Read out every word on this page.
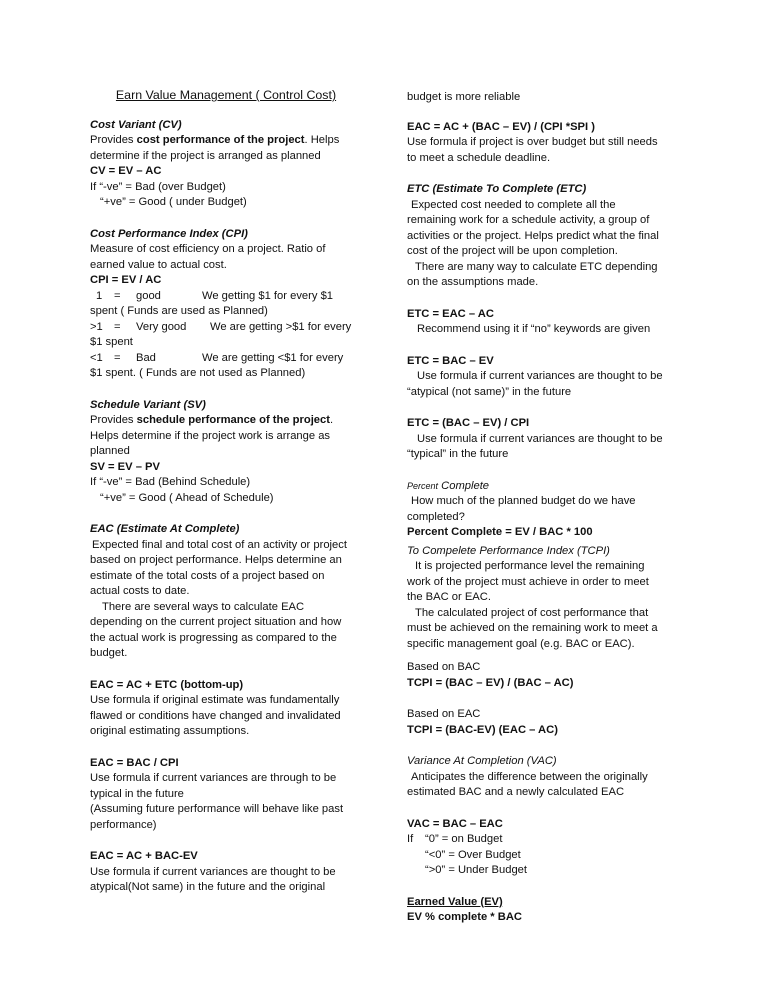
Earn Value Management ( Control Cost)
Cost Variant (CV)
Provides cost performance of the project. Helps
determine if the project is arranged as planned
CV = EV – AC
If “-ve” = Bad (over Budget)
“+ve” = Good ( under Budget)
Cost Performance Index (CPI)
Measure of cost efficiency on a project. Ratio of
earned value to actual cost.
CPI = EV / AC
1 = good	We getting $1 for every $1
spent ( Funds are used as Planned)
>1 = Very good We are getting >$1 for every
$1 spent
<1 = Bad	We are getting <$1 for every
$1 spent. ( Funds are not used as Planned)
Schedule Variant (SV)
Provides schedule performance of the project.
Helps determine if the project work is arrange as
planned
SV = EV – PV
If “-ve” = Bad (Behind Schedule)
“+ve” = Good ( Ahead of Schedule)
EAC (Estimate At Complete)
Expected final and total cost of an activity or project
based on project performance. Helps determine an
estimate of the total costs of a project based on
actual costs to date.
There are several ways to calculate EAC
depending on the current project situation and how
the actual work is progressing as compared to the
budget.
EAC = AC + ETC (bottom-up)
Use formula if original estimate was fundamentally
flawed or conditions have changed and invalidated
original estimating assumptions.
EAC = BAC / CPI
Use formula if current variances are through to be
typical in the future
(Assuming future performance will behave like past
performance)
EAC = AC + BAC-EV
Use formula if current variances are thought to be
atypical(Not same) in the future and the original
budget is more reliable
EAC = AC + (BAC – EV) / (CPI *SPI )
Use formula if project is over budget but still needs
to meet a schedule deadline.
ETC (Estimate To Complete (ETC)
Expected cost needed to complete all the
remaining work for a schedule activity, a group of
activities or the project. Helps predict what the final
cost of the project will be upon completion.
There are many way to calculate ETC depending
on the assumptions made.
ETC = EAC – AC
Recommend using it if “no” keywords are given
ETC = BAC – EV
Use formula if current variances are thought to be
“atypical (not same)” in the future
ETC = (BAC – EV) / CPI
Use formula if current variances are thought to be
“typical” in the future
Percent Complete
How much of the planned budget do we have
completed?
Percent Complete = EV / BAC * 100
To Compelete Performance Index (TCPI)
It is projected performance level the remaining
work of the project must achieve in order to meet
the BAC or EAC.
The calculated project of cost performance that
must be achieved on the remaining work to meet a
specific management goal (e.g. BAC or EAC).
Based on BAC
TCPI = (BAC – EV) / (BAC – AC)
Based on EAC
TCPI = (BAC-EV) (EAC – AC)
Variance At Completion (VAC)
Anticipates the difference between the originally
estimated BAC and a newly calculated EAC
VAC = BAC – EAC
If “0” = on Budget
“<0” = Over Budget
“>0” = Under Budget
Earned Value (EV)
EV % complete * BAC
